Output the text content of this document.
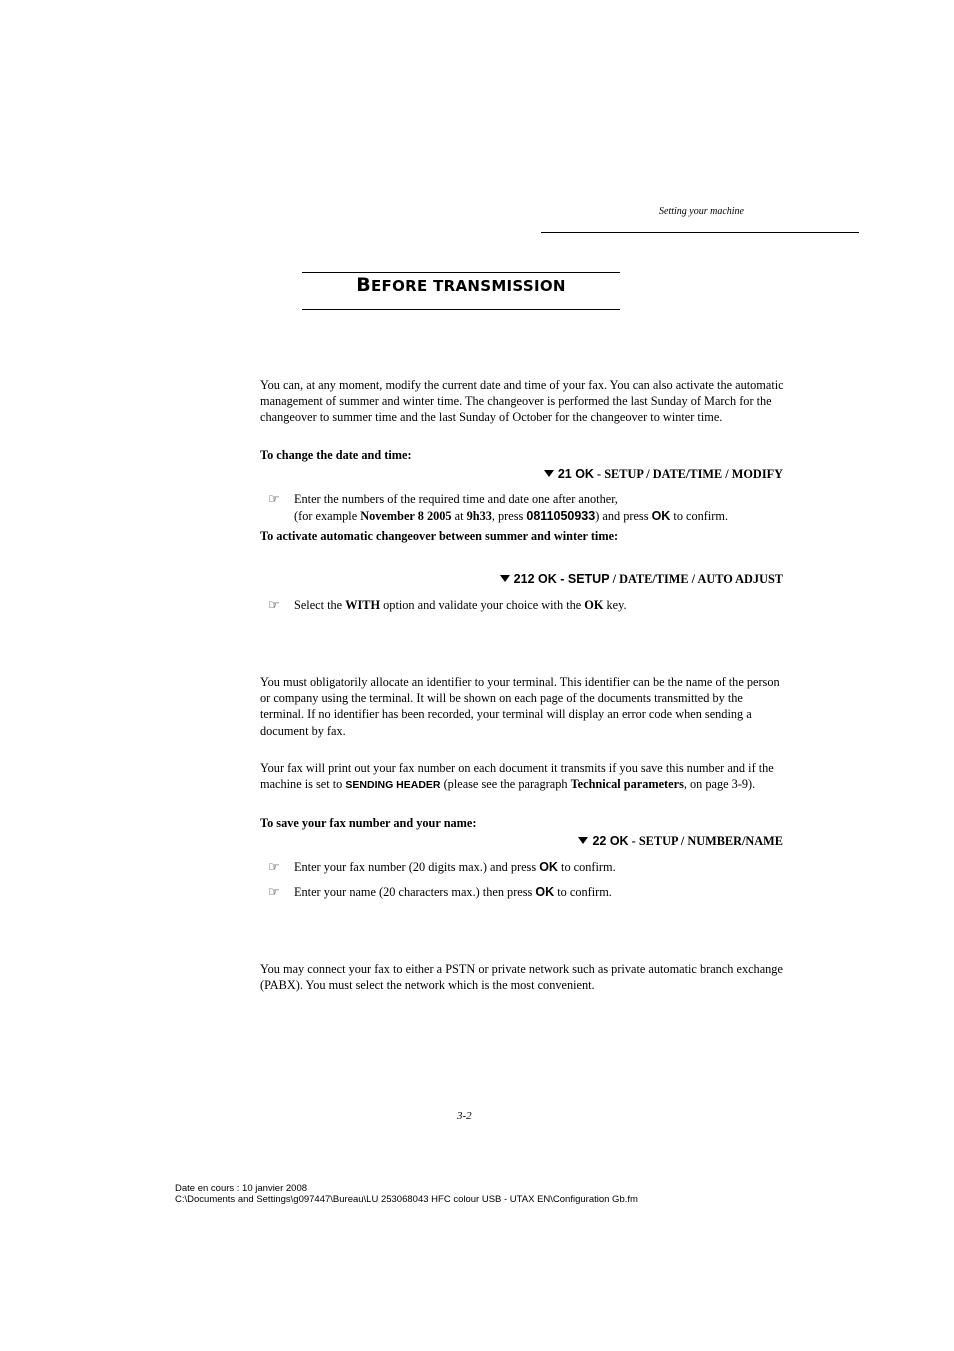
Setting your machine
BEFORE TRANSMISSION
You can, at any moment, modify the current date and time of your fax. You can also activate the automatic management of summer and winter time. The changeover is performed the last Sunday of March for the changeover to summer time and the last Sunday of October for the changeover to winter time.
To change the date and time:
21 OK - SETUP / DATE/TIME / MODIFY
☞ Enter the numbers of the required time and date one after another,
(for example November 8 2005 at 9h33, press 0811050933) and press OK to confirm.
To activate automatic changeover between summer and winter time:
212 OK - SETUP / DATE/TIME / AUTO ADJUST
☞ Select the WITH option and validate your choice with the OK key.
You must obligatorily allocate an identifier to your terminal. This identifier can be the name of the person or company using the terminal. It will be shown on each page of the documents transmitted by the terminal. If no identifier has been recorded, your terminal will display an error code when sending a document by fax.
Your fax will print out your fax number on each document it transmits if you save this number and if the machine is set to SENDING HEADER (please see the paragraph Technical parameters, on page 3-9).
To save your fax number and your name:
22 OK - SETUP / NUMBER/NAME
☞ Enter your fax number (20 digits max.) and press OK to confirm.
☞ Enter your name (20 characters max.) then press OK to confirm.
You may connect your fax to either a PSTN or private network such as private automatic branch exchange (PABX). You must select the network which is the most convenient.
3-2
Date en cours : 10 janvier 2008
C:\Documents and Settings\g097447\Bureau\LU 253068043 HFC colour USB - UTAX EN\Configuration Gb.fm
